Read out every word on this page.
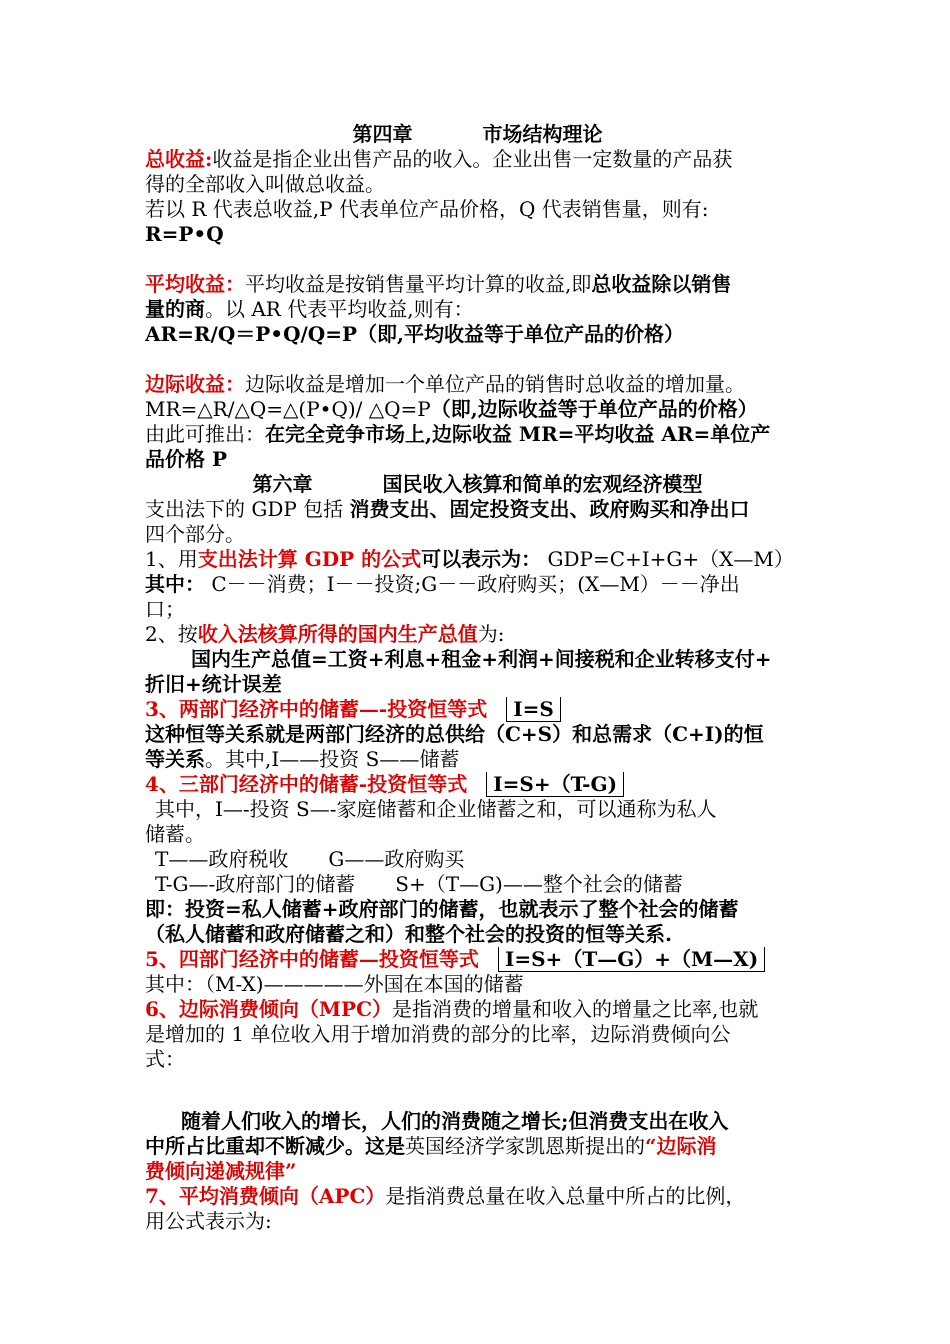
第四章	市场结构理论
总收益:收益是指企业出售产品的收入。企业出售一定数量的产品获
得的全部收入叫做总收益。
若以 R 代表总收益,P 代表单位产品价格，Q 代表销售量，则有:
R=P•Q
平均收益：平均收益是按销售量平均计算的收益,即总收益除以销售
量的商。以 AR 代表平均收益,则有：
AR=R/Q＝P•Q/Q=P（即,平均收益等于单位产品的价格）
边际收益：边际收益是增加一个单位产品的销售时总收益的增加量。
MR=△R/△Q=△(P•Q)/ △Q=P（即,边际收益等于单位产品的价格）
由此可推出：在完全竞争市场上,边际收益 MR=平均收益 AR=单位产
品价格 P
第六章	国民收入核算和简单的宏观经济模型
支出法下的 GDP 包括 消费支出、固定投资支出、政府购买和净出口
四个部分。
1、用支出法计算 GDP 的公式可以表示为： GDP=C+I+G+（X—M）
其中： C－－消费；I－－投资;G－－政府购买；(X—M）－－净出
口；
2、按收入法核算所得的国内生产总值为:
国内生产总值=工资+利息+租金+利润+间接税和企业转移支付+
折旧+统计误差
3、两部门经济中的储蓄—-投资恒等式 I=S
这种恒等关系就是两部门经济的总供给（C+S）和总需求（C+I)的恒
等关系。其中,I——投资 S——储蓄
4、三部门经济中的储蓄-投资恒等式 I=S+（T-G)
其中，I—-投资 S—-家庭储蓄和企业储蓄之和，可以通称为私人
储蓄。
T——政府税收 G——政府购买
T-G—-政府部门的储蓄 S+（T—G)——整个社会的储蓄
即：投资=私人储蓄+政府部门的储蓄，也就表示了整个社会的储蓄
（私人储蓄和政府储蓄之和）和整个社会的投资的恒等关系.
5、四部门经济中的储蓄—投资恒等式 I=S+（T—G）+（M—X)
其中：（M-X)—————外国在本国的储蓄
6、边际消费倾向（MPC）是指消费的增量和收入的增量之比率,也就
是增加的 1 单位收入用于增加消费的部分的比率，边际消费倾向公
式：
随着人们收入的增长，人们的消费随之增长;但消费支出在收入
中所占比重却不断减少。这是英国经济学家凯恩斯提出的“边际消
费倾向递减规律”
7、平均消费倾向（APC）是指消费总量在收入总量中所占的比例，
用公式表示为:
